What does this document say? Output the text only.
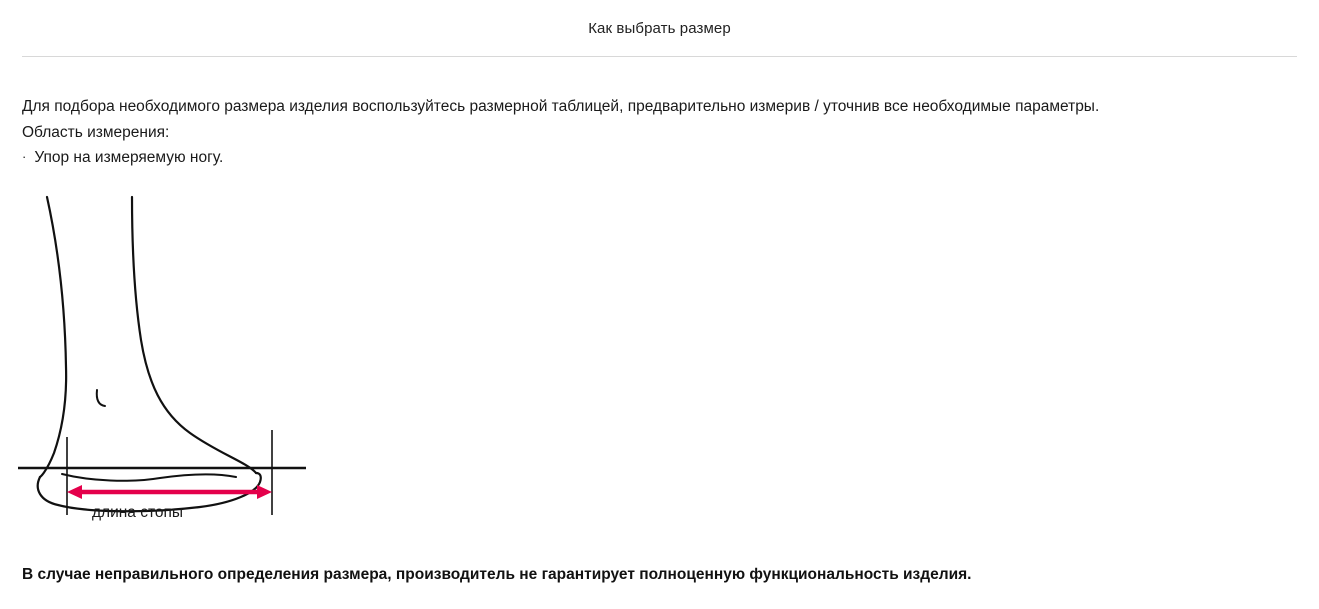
Как выбрать размер

Для подбора необходимого размера изделия воспользуйтесь размерной таблицей, предварительно измерив / уточнив все необходимые параметры.

Область измерения:
· Упор на измеряемую ногу.
длина стопы

В случае неправильного определения размера, производитель не гарантирует полноценную функциональность изделия.
